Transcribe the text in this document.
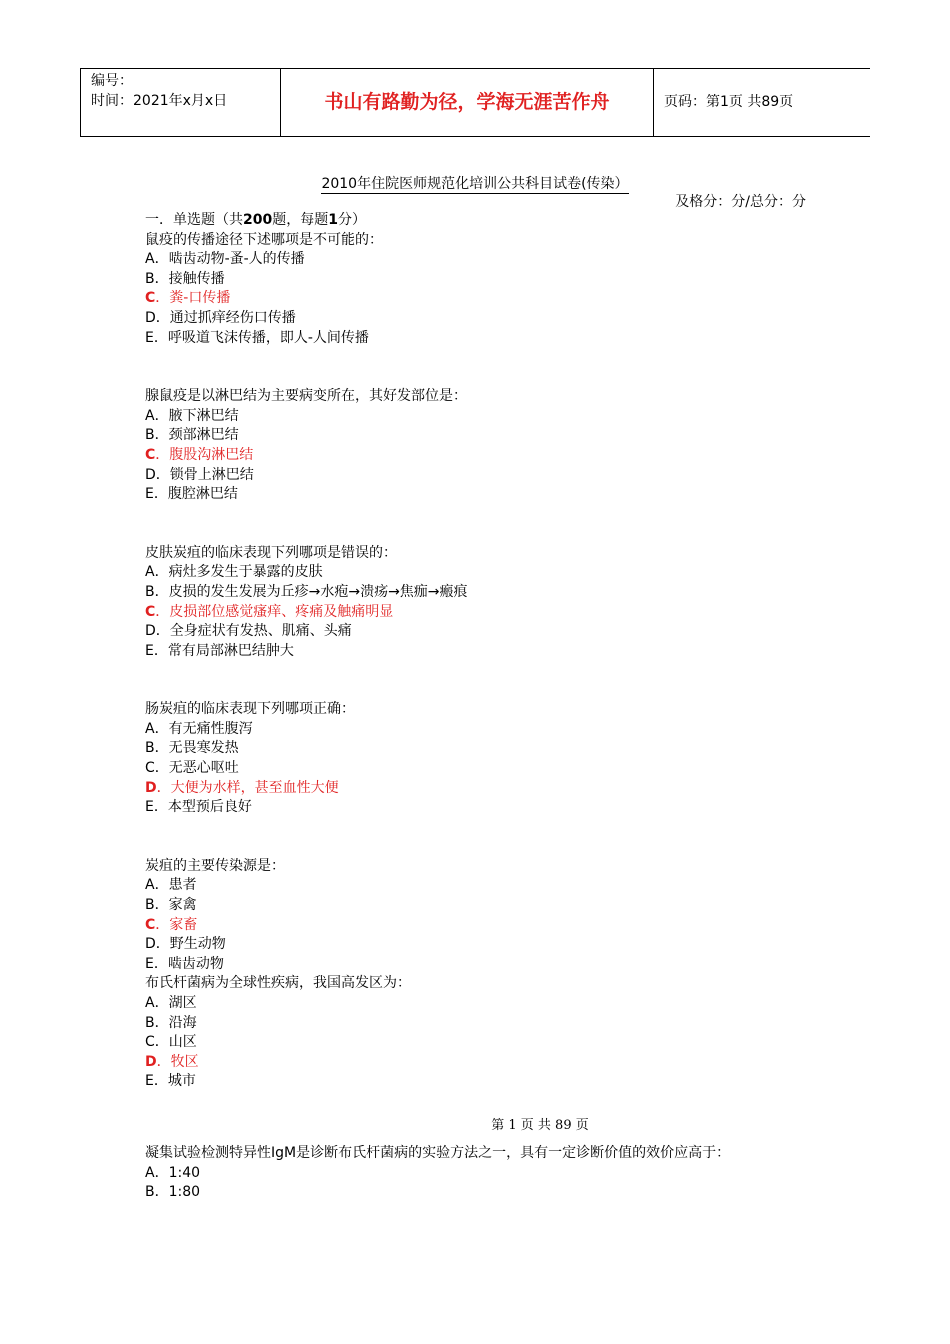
编号：
时间：2021年x月x日	书山有路勤为径，学海无涯苦作舟	页码：第1页 共89页
2010年住院医师规范化培训公共科目试卷(传染）
及格分：分/总分：分
一．单选题（共200题，每题1分）
鼠疫的传播途径下述哪项是不可能的：
A．啮齿动物-蚤-人的传播
B．接触传播
C．粪-口传播
D．通过抓痒经伤口传播
E．呼吸道飞沫传播，即人-人间传播
腺鼠疫是以淋巴结为主要病变所在，其好发部位是：
A．腋下淋巴结
B．颈部淋巴结
C．腹股沟淋巴结
D．锁骨上淋巴结
E．腹腔淋巴结
皮肤炭疽的临床表现下列哪项是错误的：
A．病灶多发生于暴露的皮肤
B．皮损的发生发展为丘疹→水疱→溃疡→焦痂→瘢痕
C．皮损部位感觉瘙痒、疼痛及触痛明显
D．全身症状有发热、肌痛、头痛
E．常有局部淋巴结肿大
肠炭疽的临床表现下列哪项正确：
A．有无痛性腹泻
B．无畏寒发热
C．无恶心呕吐
D．大便为水样，甚至血性大便
E．本型预后良好
炭疽的主要传染源是：
A．患者
B．家禽
C．家畜
D．野生动物
E．啮齿动物
布氏杆菌病为全球性疾病，我国高发区为：
A．湖区
B．沿海
C．山区
D．牧区
E．城市
第 1 页 共 89 页
凝集试验检测特异性IgM是诊断布氏杆菌病的实验方法之一，具有一定诊断价值的效价应高于：
A．1:40
B．1:80
